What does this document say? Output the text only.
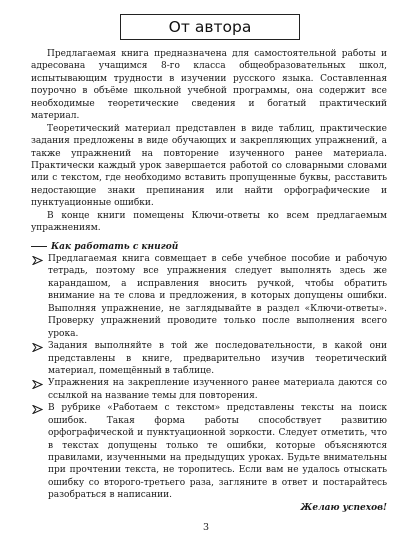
От автора

Предлагаемая книга предназначена для самостоятельной работы и адресована учащимся 8-го класса общеобразовательных школ, испытывающим трудности в изучении русского языка. Составленная поурочно в объёме школьной учебной программы, она содержит все необходимые теоретические сведения и богатый практический материал.

Теоретический материал представлен в виде таблиц, практические задания предложены в виде обучающих и закрепляющих упражнений, а также упражнений на повторение изученного ранее материала. Практически каждый урок завершается работой со словарными словами или с текстом, где необходимо вставить пропущенные буквы, расставить недостающие знаки препинания или найти орфографические и пунктуационные ошибки.

В конце книги помещены Ключи-ответы ко всем предлагаемым упражнениям.

Как работать с книгой
Предлагаемая книга совмещает в себе учебное пособие и рабочую тетрадь, поэтому все упражнения следует выполнять здесь же карандашом, а исправления вносить ручкой, чтобы обратить внимание на те слова и предложения, в которых допущены ошибки. Выполняя упражнение, не заглядывайте в раздел «Ключи-ответы». Проверку упражнений проводите только после выполнения всего урока.
Задания выполняйте в той же последовательности, в какой они представлены в книге, предварительно изучив теоретический материал, помещённый в таблице.
Упражнения на закрепление изученного ранее материала даются со ссылкой на название темы для повторения.
В рубрике «Работаем с текстом» представлены тексты на поиск ошибок. Такая форма работы способствует развитию орфографической и пунктуационной зоркости. Следует отметить, что в текстах допущены только те ошибки, которые объясняются правилами, изученными на предыдущих уроках. Будьте внимательны при прочтении текста, не торопитесь. Если вам не удалось отыскать ошибку со второго-третьего раза, загляните в ответ и постарайтесь разобраться в написании.

Желаю успехов!

3
